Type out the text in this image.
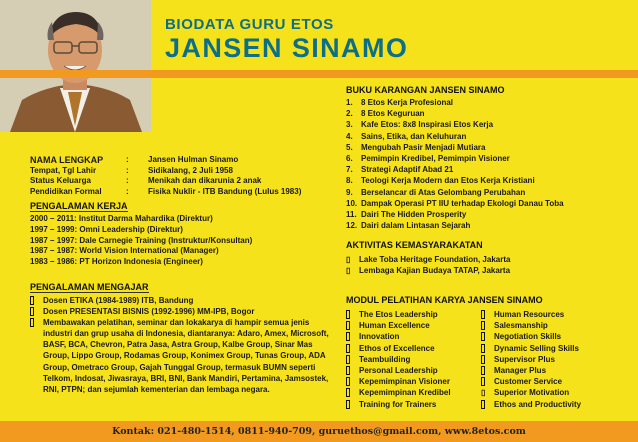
BIODATA GURU ETOS
JANSEN SINAMO
BUKU KARANGAN JANSEN SINAMO
1. 8 Etos Kerja Profesional
2. 8 Etos Keguruan
3. Kafe Etos: 8x8 Inspirasi Etos Kerja
4. Sains, Etika, dan Keluhuran
5. Mengubah Pasir Menjadi Mutiara
6. Pemimpin Kredibel, Pemimpin Visioner
7. Strategi Adaptif Abad 21
8. Teologi Kerja Modern dan Etos Kerja Kristiani
9. Berselancar di Atas Gelombang Perubahan
10. Dampak Operasi PT IIU terhadap Ekologi Danau Toba
11. Dairi The Hidden Prosperity
12. Dairi dalam Lintasan Sejarah
NAMA LENGKAP	:	Jansen Hulman Sinamo
Tempat, Tgl Lahir	:	Sidikalang, 2 Juli 1958
Status Keluarga	:	Menikah dan dikarunia 2 anak
Pendidikan Formal	:	Fisika Nuklir - ITB Bandung (Lulus 1983)
PENGALAMAN KERJA
2000 – 2011: Institut Darma Mahardika (Direktur)
1997 – 1999: Omni Leadership (Direktur)
1987 – 1997: Dale Carnegie Training (Instruktur/Konsultan)
1987 – 1987: World Vision International (Manager)
1983 – 1986: PT Horizon Indonesia (Engineer)
PENGALAMAN MENGAJAR
Dosen ETIKA (1984-1989) ITB, Bandung
Dosen PRESENTASI BISNIS (1992-1996) MM-IPB, Bogor
Membawakan pelatihan, seminar dan lokakarya di hampir semua jenis industri dan grup usaha di Indonesia, diantaranya: Adaro, Amex, Microsoft, BASF, BCA, Chevron, Patra Jasa, Astra Group, Kalbe Group, Sinar Mas Group, Lippo Group, Rodamas Group, Konimex Group, Tunas Group, ADA Group, Ometraco Group, Gajah Tunggal Group, termasuk BUMN seperti Telkom, Indosat, Jiwasraya, BRI, BNI, Bank Mandiri, Pertamina, Jamsostek, RNI, PTPN; dan sejumlah kementerian dan lembaga negara.
AKTIVITAS KEMASYARAKATAN
▯	Lake Toba Heritage Foundation, Jakarta
▯	Lembaga Kajian Budaya TATAP, Jakarta
MODUL PELATIHAN KARYA JANSEN SINAMO
The Etos Leadership
Human Excellence
Innovation
Ethos of Excellence
Teambuilding
Personal Leadership
Kepemimpinan Visioner
Kepemimpinan Kredibel
Training for Trainers
Human Resources
Salesmanship
Negotiation Skills
Dynamic Selling Skills
Supervisor Plus
Manager Plus
Customer Service
▯	Superior Motivation
Ethos and Productivity
Kontak: 021-480-1514, 0811-940-709, guruethos@gmail.com, www.8etos.com
